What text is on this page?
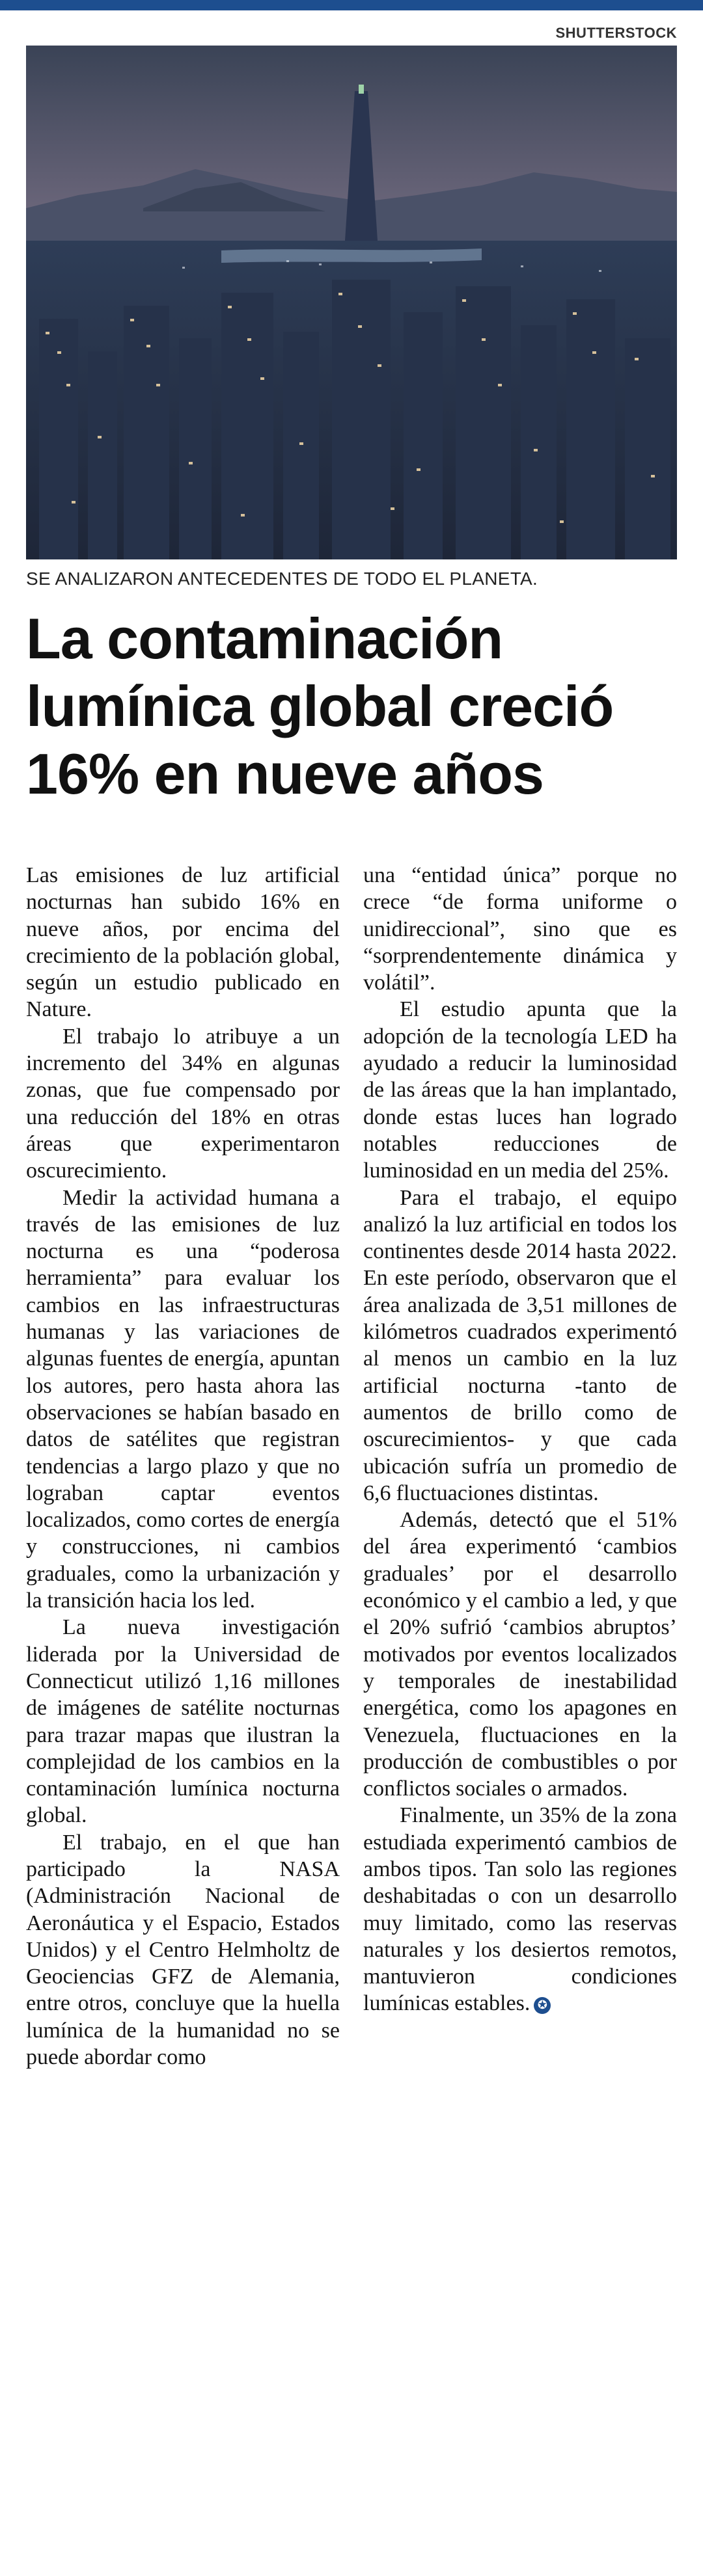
SHUTTERSTOCK
SE ANALIZARON ANTECEDENTES DE TODO EL PLANETA.
La contaminación lumínica global creció 16% en nueve años

Las emisiones de luz artificial nocturnas han subido 16% en nueve años, por encima del crecimiento de la población global, según un estudio publicado en Nature.

El trabajo lo atribuye a un incremento del 34% en algunas zonas, que fue compensado por una reducción del 18% en otras áreas que experimentaron oscurecimiento.

Medir la actividad humana a través de las emisiones de luz nocturna es una “poderosa herramienta” para evaluar los cambios en las infraestructuras humanas y las variaciones de algunas fuentes de energía, apuntan los autores, pero hasta ahora las observaciones se habían basado en datos de satélites que registran tendencias a largo plazo y que no lograban captar eventos localizados, como cortes de energía y construcciones, ni cambios graduales, como la urbanización y la transición hacia los led.

La nueva investigación liderada por la Universidad de Connecticut utilizó 1,16 millones de imágenes de satélite nocturnas para trazar mapas que ilustran la complejidad de los cambios en la contaminación lumínica nocturna global.

El trabajo, en el que han participado la NASA (Administración Nacional de Aeronáutica y el Espacio, Estados Unidos) y el Centro Helmholtz de Geociencias GFZ de Alemania, entre otros, concluye que la huella lumínica de la humanidad no se puede abordar como

una “entidad única” porque no crece “de forma uniforme o unidireccional”, sino que es “sorprendentemente dinámica y volátil”.

El estudio apunta que la adopción de la tecnología LED ha ayudado a reducir la luminosidad de las áreas que la han implantado, donde estas luces han logrado notables reducciones de luminosidad en un media del 25%.

Para el trabajo, el equipo analizó la luz artificial en todos los continentes desde 2014 hasta 2022. En este período, observaron que el área analizada de 3,51 millones de kilómetros cuadrados experimentó al menos un cambio en la luz artificial nocturna -tanto de aumentos de brillo como de oscurecimientos- y que cada ubicación sufría un promedio de 6,6 fluctuaciones distintas.

Además, detectó que el 51% del área experimentó ‘cambios graduales’ por el desarrollo económico y el cambio a led, y que el 20% sufrió ‘cambios abruptos’ motivados por eventos localizados y temporales de inestabilidad energética, como los apagones en Venezuela, fluctuaciones en la producción de combustibles o por conflictos sociales o armados.

Finalmente, un 35% de la zona estudiada experimentó cambios de ambos tipos. Tan solo las regiones deshabitadas o con un desarrollo muy limitado, como las reservas naturales y los desiertos remotos, mantuvieron condiciones lumínicas estables. ✪
